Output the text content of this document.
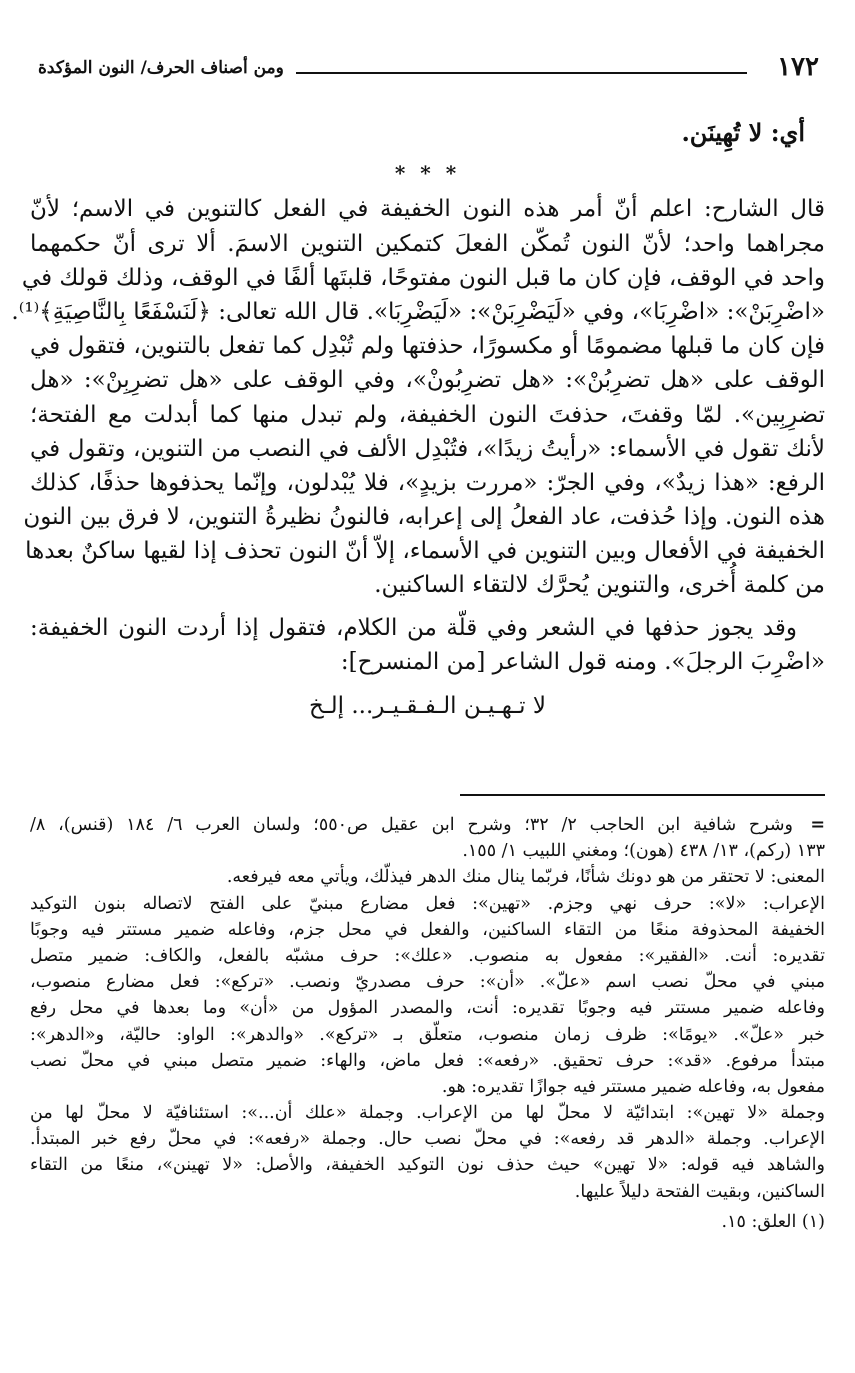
١٧٢
ومن أصناف الحرف/ النون المؤكدة
أي: لا تُهِينَن.
* * *
قال الشارح: اعلم أنّ أمر هذه النون الخفيفة في الفعل كالتنوين في الاسم؛ لأنّ
مجراهما واحد؛ لأنّ النون تُمكّن الفعلَ كتمكين التنوين الاسمَ. ألا ترى أنّ حكمهما
واحد في الوقف، فإن كان ما قبل النون مفتوحًا، قلبتَها ألفًا في الوقف، وذلك قولك في
«اضْرِبَنْ»: «اضْرِبَا»، وفي «لَيَضْرِبَنْ»: «لَيَضْرِبَا». قال الله تعالى: ﴿لَنَسْفَعًا بِالنَّاصِيَةِ﴾⁽¹⁾.
فإن كان ما قبلها مضمومًا أو مكسورًا، حذفتها ولم تُبْدِل كما تفعل بالتنوين، فتقول في
الوقف على «هل تضرِبُنْ»: «هل تضرِبُونْ»، وفي الوقف على «هل تضرِبِنْ»: «هل
تضرِبِين». لمّا وقفتَ، حذفتَ النون الخفيفة، ولم تبدل منها كما أبدلت مع الفتحة؛
لأنك تقول في الأسماء: «رأيتُ زيدًا»، فتُبْدِل الألف في النصب من التنوين، وتقول في
الرفع: «هذا زيدٌ»، وفي الجرّ: «مررت بزيدٍ»، فلا يُبْدلون، وإنّما يحذفوها حذفًا، كذلك
هذه النون. وإذا حُذفت، عاد الفعلُ إلى إعرابه، فالنونُ نظيرةُ التنوين، لا فرق بين النون
الخفيفة في الأفعال وبين التنوين في الأسماء، إلاّ أنّ النون تحذف إذا لقيها ساكنٌ بعدها
من كلمة أُخرى، والتنوين يُحرَّك لالتقاء الساكنين.
وقد يجوز حذفها في الشعر وفي قلّة من الكلام، فتقول إذا أردت النون الخفيفة:
«اضْرِبَ الرجلَ». ومنه قول الشاعر [من المنسرح]:
لا تـهـيـن الـفـقـيـر... إلـخ
=
وشرح شافية ابن الحاجب ٢/ ٣٢؛ وشرح ابن عقيل ص٥٥٠؛ ولسان العرب ٦/ ١٨٤ (قنس)، ٨/
١٣٣ (ركم)، ١٣/ ٤٣٨ (هون)؛ ومغني اللبيب ١/ ١٥٥.
المعنى: لا تحتقر من هو دونك شأنًا، فربّما ينال منك الدهر فيذلّك، ويأتي معه فيرفعه.
الإعراب: «لا»: حرف نهي وجزم. «تهين»: فعل مضارع مبنيّ على الفتح لاتصاله بنون التوكيد
الخفيفة المحذوفة منعًا من التقاء الساكنين، والفعل في محل جزم، وفاعله ضمير مستتر فيه وجوبًا
تقديره: أنت. «الفقير»: مفعول به منصوب. «علك»: حرف مشبّه بالفعل، والكاف: ضمير متصل
مبني في محلّ نصب اسم «علّ». «أن»: حرف مصدريّ ونصب. «تركع»: فعل مضارع منصوب،
وفاعله ضمير مستتر فيه وجوبًا تقديره: أنت، والمصدر المؤول من «أن» وما بعدها في محل رفع
خبر «علّ». «يومًا»: ظرف زمان منصوب، متعلّق بـ «تركع». «والدهر»: الواو: حاليّة، و«الدهر»:
مبتدأ مرفوع. «قد»: حرف تحقيق. «رفعه»: فعل ماض، والهاء: ضمير متصل مبني في محلّ نصب
مفعول به، وفاعله ضمير مستتر فيه جوازًا تقديره: هو.
وجملة «لا تهين»: ابتدائيّة لا محلّ لها من الإعراب. وجملة «علك أن...»: استئنافيّة لا محلّ لها من
الإعراب. وجملة «الدهر قد رفعه»: في محلّ نصب حال. وجملة «رفعه»: في محلّ رفع خبر المبتدأ.
والشاهد فيه قوله: «لا تهين» حيث حذف نون التوكيد الخفيفة، والأصل: «لا تهينن»، منعًا من التقاء
الساكنين، وبقيت الفتحة دليلاً عليها.
(١) العلق: ١٥.
